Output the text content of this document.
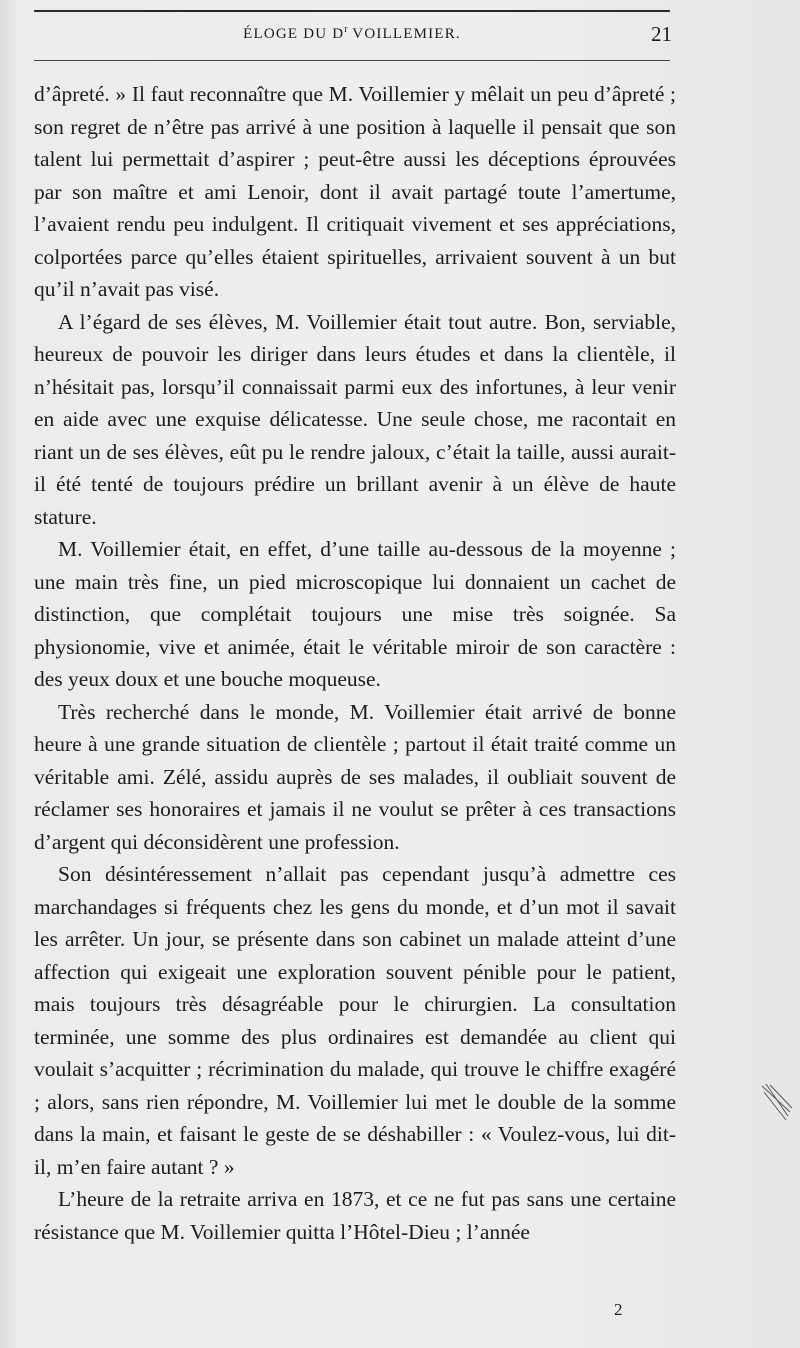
ÉLOGE DU $D^r$ VOILLEMIER.	21

d’âpreté. » Il faut reconnaître que M. Voillemier y mêlait un peu d’âpreté ; son regret de n’être pas arrivé à une position à laquelle il pensait que son talent lui permettait d’aspirer ; peut-être aussi les déceptions éprouvées par son maître et ami Lenoir, dont il avait partagé toute l’amertume, l’avaient rendu peu indulgent. Il critiquait vivement et ses appréciations, colportées parce qu’elles étaient spirituelles, arrivaient souvent à un but qu’il n’avait pas visé.

A l’égard de ses élèves, M. Voillemier était tout autre. Bon, serviable, heureux de pouvoir les diriger dans leurs études et dans la clientèle, il n’hésitait pas, lorsqu’il connaissait parmi eux des infortunes, à leur venir en aide avec une exquise délicatesse. Une seule chose, me racontait en riant un de ses élèves, eût pu le rendre jaloux, c’était la taille, aussi aurait-il été tenté de toujours prédire un brillant avenir à un élève de haute stature.

M. Voillemier était, en effet, d’une taille au-dessous de la moyenne ; une main très fine, un pied microscopique lui donnaient un cachet de distinction, que complétait toujours une mise très soignée. Sa physionomie, vive et animée, était le véritable miroir de son caractère : des yeux doux et une bouche moqueuse.

Très recherché dans le monde, M. Voillemier était arrivé de bonne heure à une grande situation de clientèle ; partout il était traité comme un véritable ami. Zélé, assidu auprès de ses malades, il oubliait souvent de réclamer ses honoraires et jamais il ne voulut se prêter à ces transactions d’argent qui déconsidèrent une profession.

Son désintéressement n’allait pas cependant jusqu’à admettre ces marchandages si fréquents chez les gens du monde, et d’un mot il savait les arrêter. Un jour, se présente dans son cabinet un malade atteint d’une affection qui exigeait une exploration souvent pénible pour le patient, mais toujours très désagréable pour le chirurgien. La consultation terminée, une somme des plus ordinaires est demandée au client qui voulait s’acquitter ; récrimination du malade, qui trouve le chiffre exagéré ; alors, sans rien répondre, M. Voillemier lui met le double de la somme dans la main, et faisant le geste de se déshabiller : « Voulez-vous, lui dit-il, m’en faire autant ? »

L’heure de la retraite arriva en 1873, et ce ne fut pas sans une certaine résistance que M. Voillemier quitta l’Hôtel-Dieu ; l’année

2
